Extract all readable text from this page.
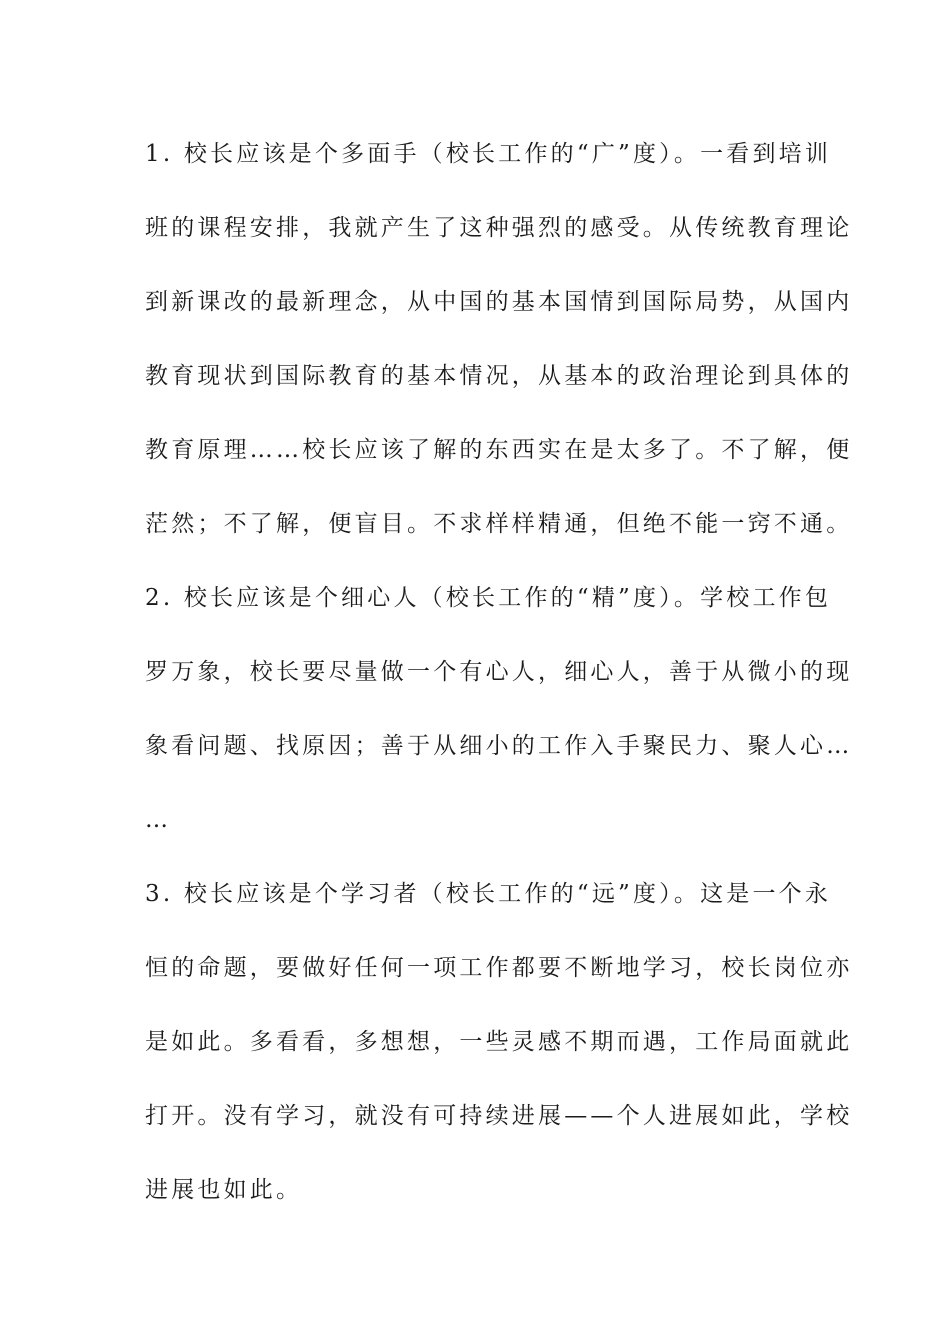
1. 校长应该是个多面手（校长工作的“广”度）。一看到培训
班的课程安排，我就产生了这种强烈的感受。从传统教育理论
到新课改的最新理念，从中国的基本国情到国际局势，从国内
教育现状到国际教育的基本情况，从基本的政治理论到具体的
教育原理……校长应该了解的东西实在是太多了。不了解，便
茫然；不了解，便盲目。不求样样精通，但绝不能一窍不通。
2. 校长应该是个细心人（校长工作的“精”度）。学校工作包
罗万象，校长要尽量做一个有心人，细心人，善于从微小的现
象看问题、找原因；善于从细小的工作入手聚民力、聚人心…
…
3. 校长应该是个学习者（校长工作的“远”度）。这是一个永
恒的命题，要做好任何一项工作都要不断地学习，校长岗位亦
是如此。多看看，多想想，一些灵感不期而遇，工作局面就此
打开。没有学习，就没有可持续进展——个人进展如此，学校
进展也如此。
